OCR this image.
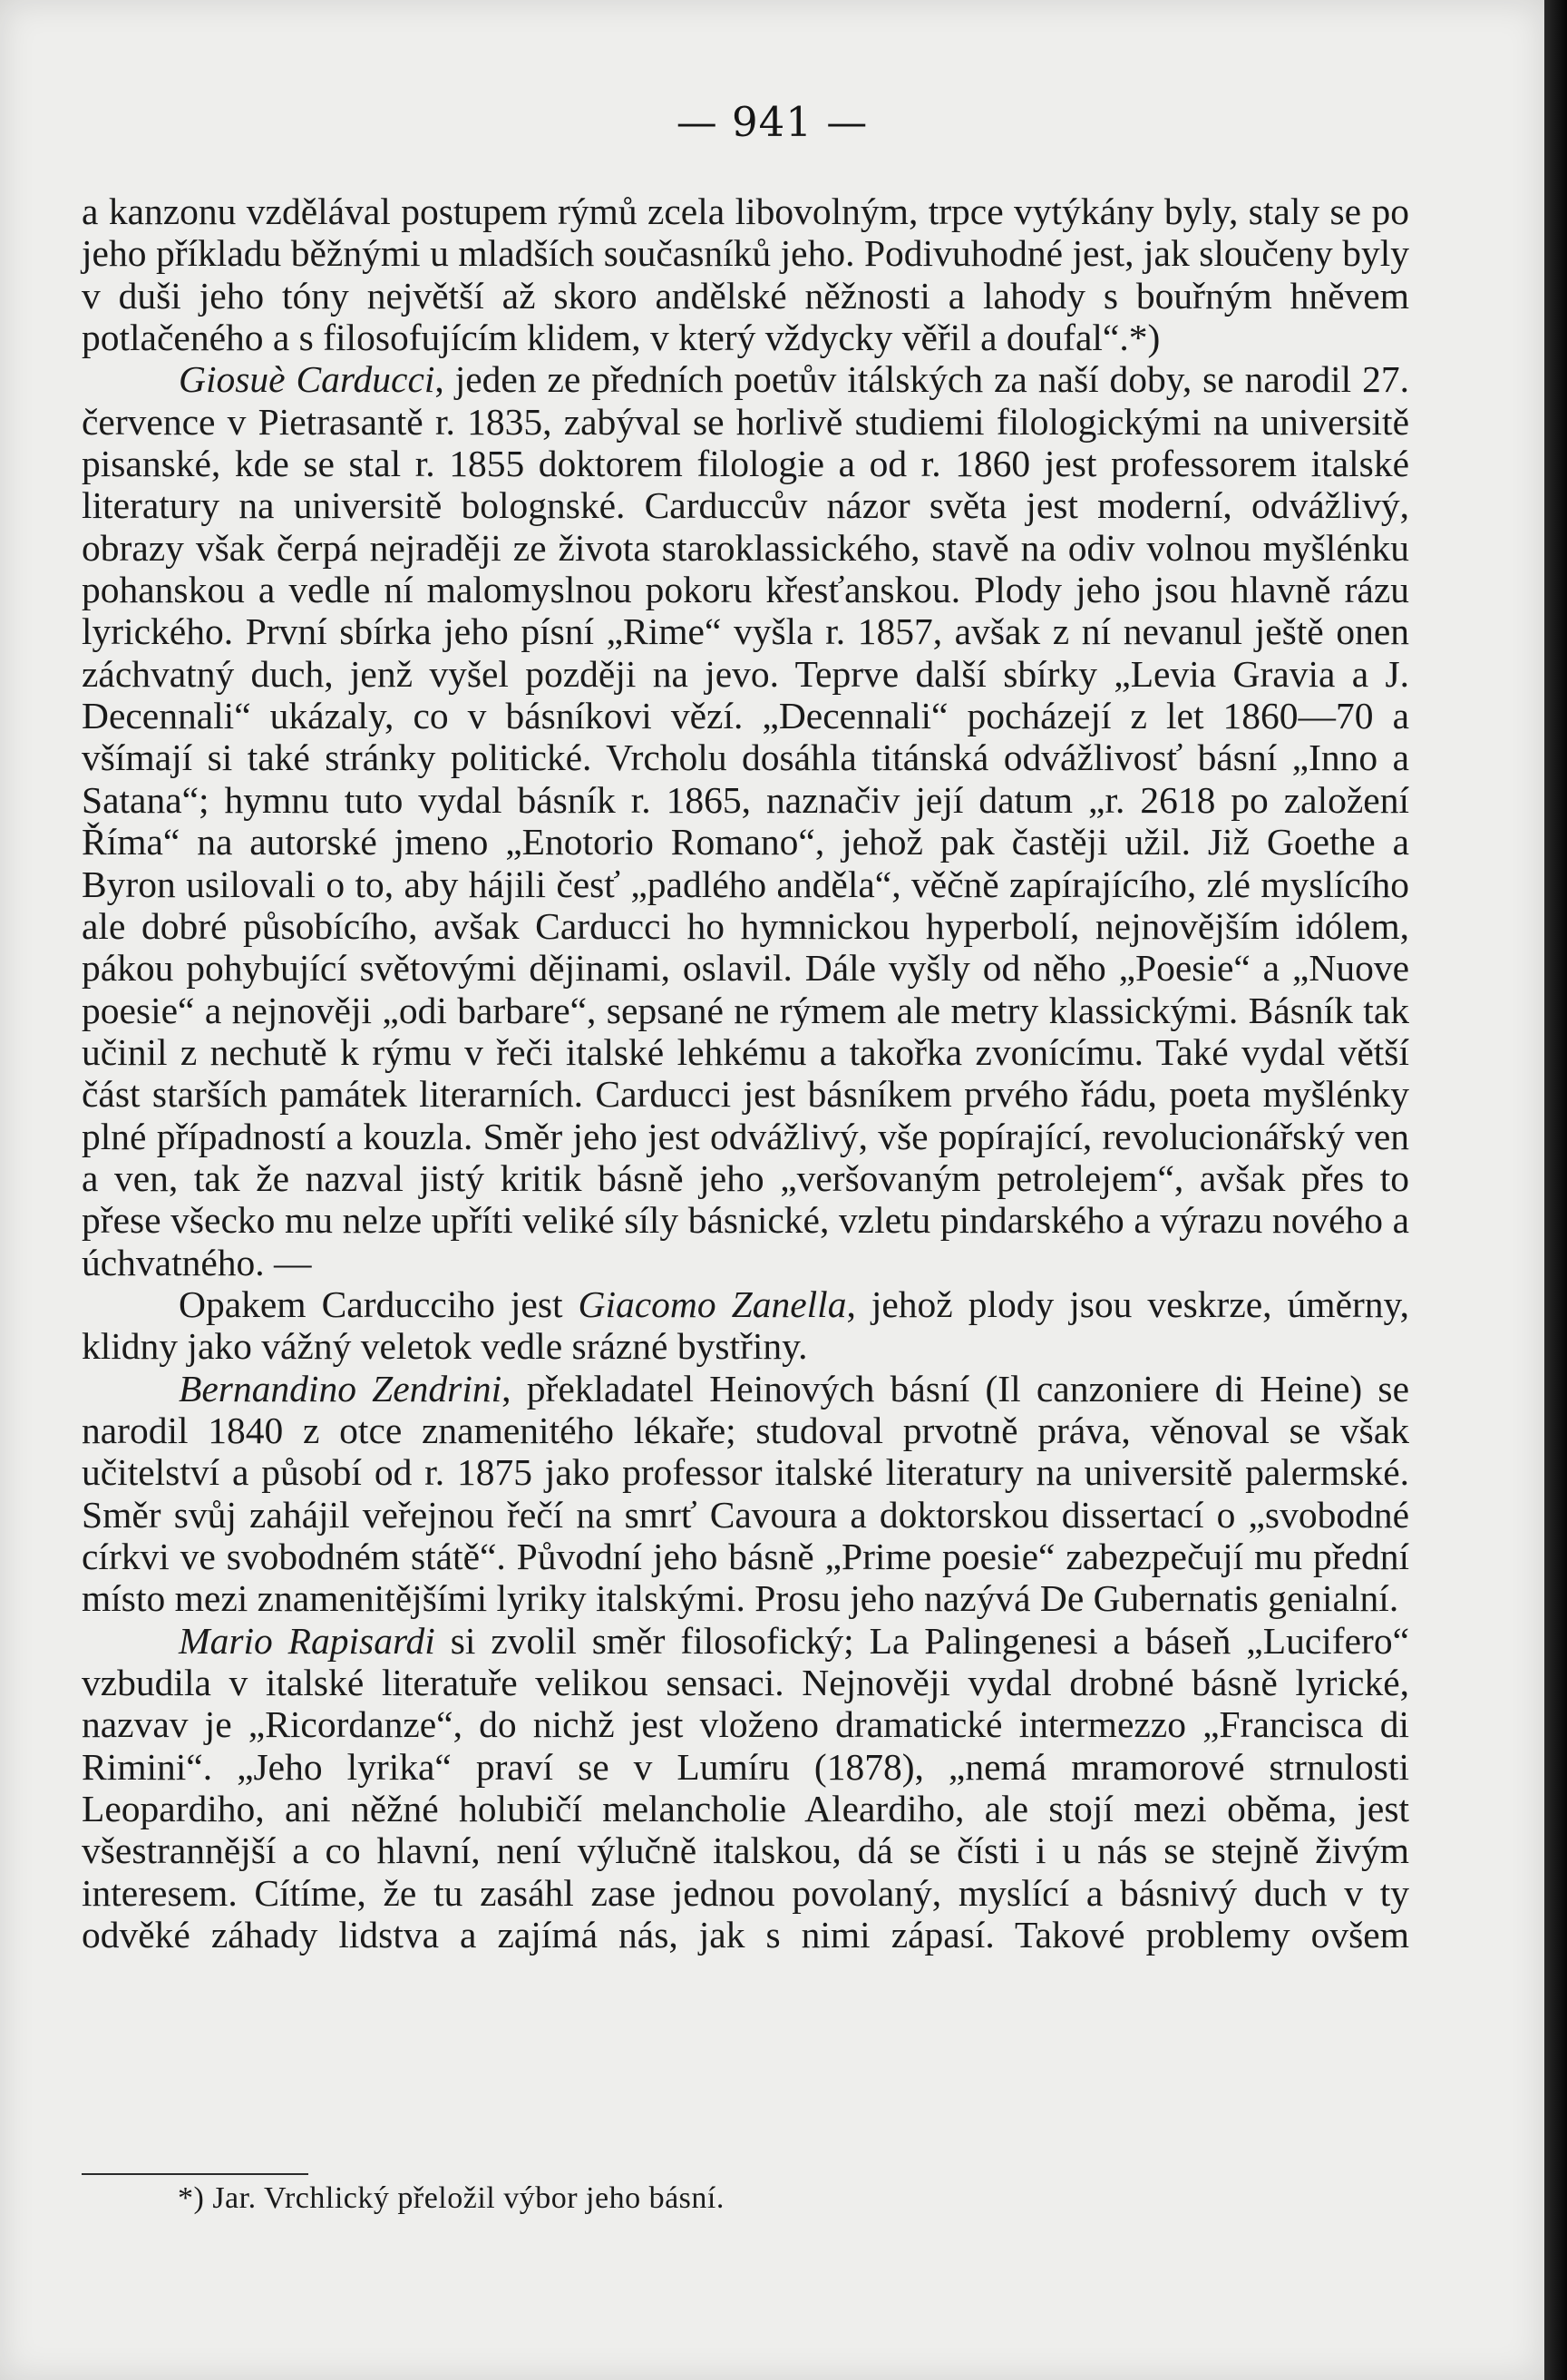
— 941 —

a kanzonu vzdělával postupem rýmů zcela libovolným, trpce vytýkány byly, staly se po jeho příkladu běžnými u mladších současníků jeho. Podivuhodné jest, jak sloučeny byly v duši jeho tóny největší až skoro andělské něžnosti a lahody s bouřným hněvem potlačeného a s filosofujícím klidem, v který vždycky věřil a doufal“.*)

Giosuè Carducci, jeden ze předních poetův itálských za naší doby, se narodil 27. července v Pietrasantě r. 1835, zabýval se horlivě studiemi filologickými na universitě pisanské, kde se stal r. 1855 doktorem filologie a od r. 1860 jest professorem italské literatury na universitě bolognské. Carduccův názor světa jest moderní, odvážlivý, obrazy však čerpá nejraději ze života staroklassického, stavě na odiv volnou myšlénku pohanskou a vedle ní malomyslnou pokoru křesťanskou. Plody jeho jsou hlavně rázu lyrického. První sbírka jeho písní „Rime“ vyšla r. 1857, avšak z ní nevanul ještě onen záchvatný duch, jenž vyšel později na jevo. Teprve další sbírky „Levia Gravia a J. Decennali“ ukázaly, co v básníkovi vězí. „Decennali“ pocházejí z let 1860—70 a všímají si také stránky politické. Vrcholu dosáhla titánská odvážlivosť básní „Inno a Satana“; hymnu tuto vydal básník r. 1865, naznačiv její datum „r. 2618 po založení Říma“ na autorské jmeno „Enotorio Romano“, jehož pak častěji užil. Již Goethe a Byron usilovali o to, aby hájili česť „padlého anděla“, věčně zapírajícího, zlé myslícího ale dobré působícího, avšak Carducci ho hymnickou hyperbolí, nejnovějším idólem, pákou pohybující světovými dějinami, oslavil. Dále vyšly od něho „Poesie“ a „Nuove poesie“ a nejnověji „odi barbare“, sepsané ne rýmem ale metry klassickými. Básník tak učinil z nechutě k rýmu v řeči italské lehkému a takořka zvonícímu. Také vydal větší část starších památek literarních. Carducci jest básníkem prvého řádu, poeta myšlénky plné případností a kouzla. Směr jeho jest odvážlivý, vše popírající, revolucionářský ven a ven, tak že nazval jistý kritik básně jeho „veršovaným petrolejem“, avšak přes to přese všecko mu nelze upříti veliké síly básnické, vzletu pindarského a výrazu nového a úchvatného. —

Opakem Carducciho jest Giacomo Zanella, jehož plody jsou veskrze, úměrny, klidny jako vážný veletok vedle srázné bystřiny.

Bernandino Zendrini, překladatel Heinových básní (Il canzoniere di Heine) se narodil 1840 z otce znamenitého lékaře; studoval prvotně práva, věnoval se však učitelství a působí od r. 1875 jako professor italské literatury na universitě palermské. Směr svůj zahájil veřejnou řečí na smrť Cavoura a doktorskou dissertací o „svobodné církvi ve svobodném státě“. Původní jeho básně „Prime poesie“ zabezpečují mu přední místo mezi znamenitějšími lyriky italskými. Prosu jeho nazývá De Gubernatis genialní.

Mario Rapisardi si zvolil směr filosofický; La Palingenesi a báseň „Lucifero“ vzbudila v italské literatuře velikou sensaci. Nejnověji vydal drobné básně lyrické, nazvav je „Ricordanze“, do nichž jest vloženo dramatické intermezzo „Francisca di Rimini“. „Jeho lyrika“ praví se v Lumíru (1878), „nemá mramorové strnulosti Leopardiho, ani něžné holubičí melancholie Aleardiho, ale stojí mezi oběma, jest všestrannější a co hlavní, není výlučně italskou, dá se čísti i u nás se stejně živým interesem. Cítíme, že tu zasáhl zase jednou povolaný, myslící a básnivý duch v ty odvěké záhady lidstva a zajímá nás, jak s nimi zápasí. Takové problemy ovšem

*) Jar. Vrchlický přeložil výbor jeho básní.
